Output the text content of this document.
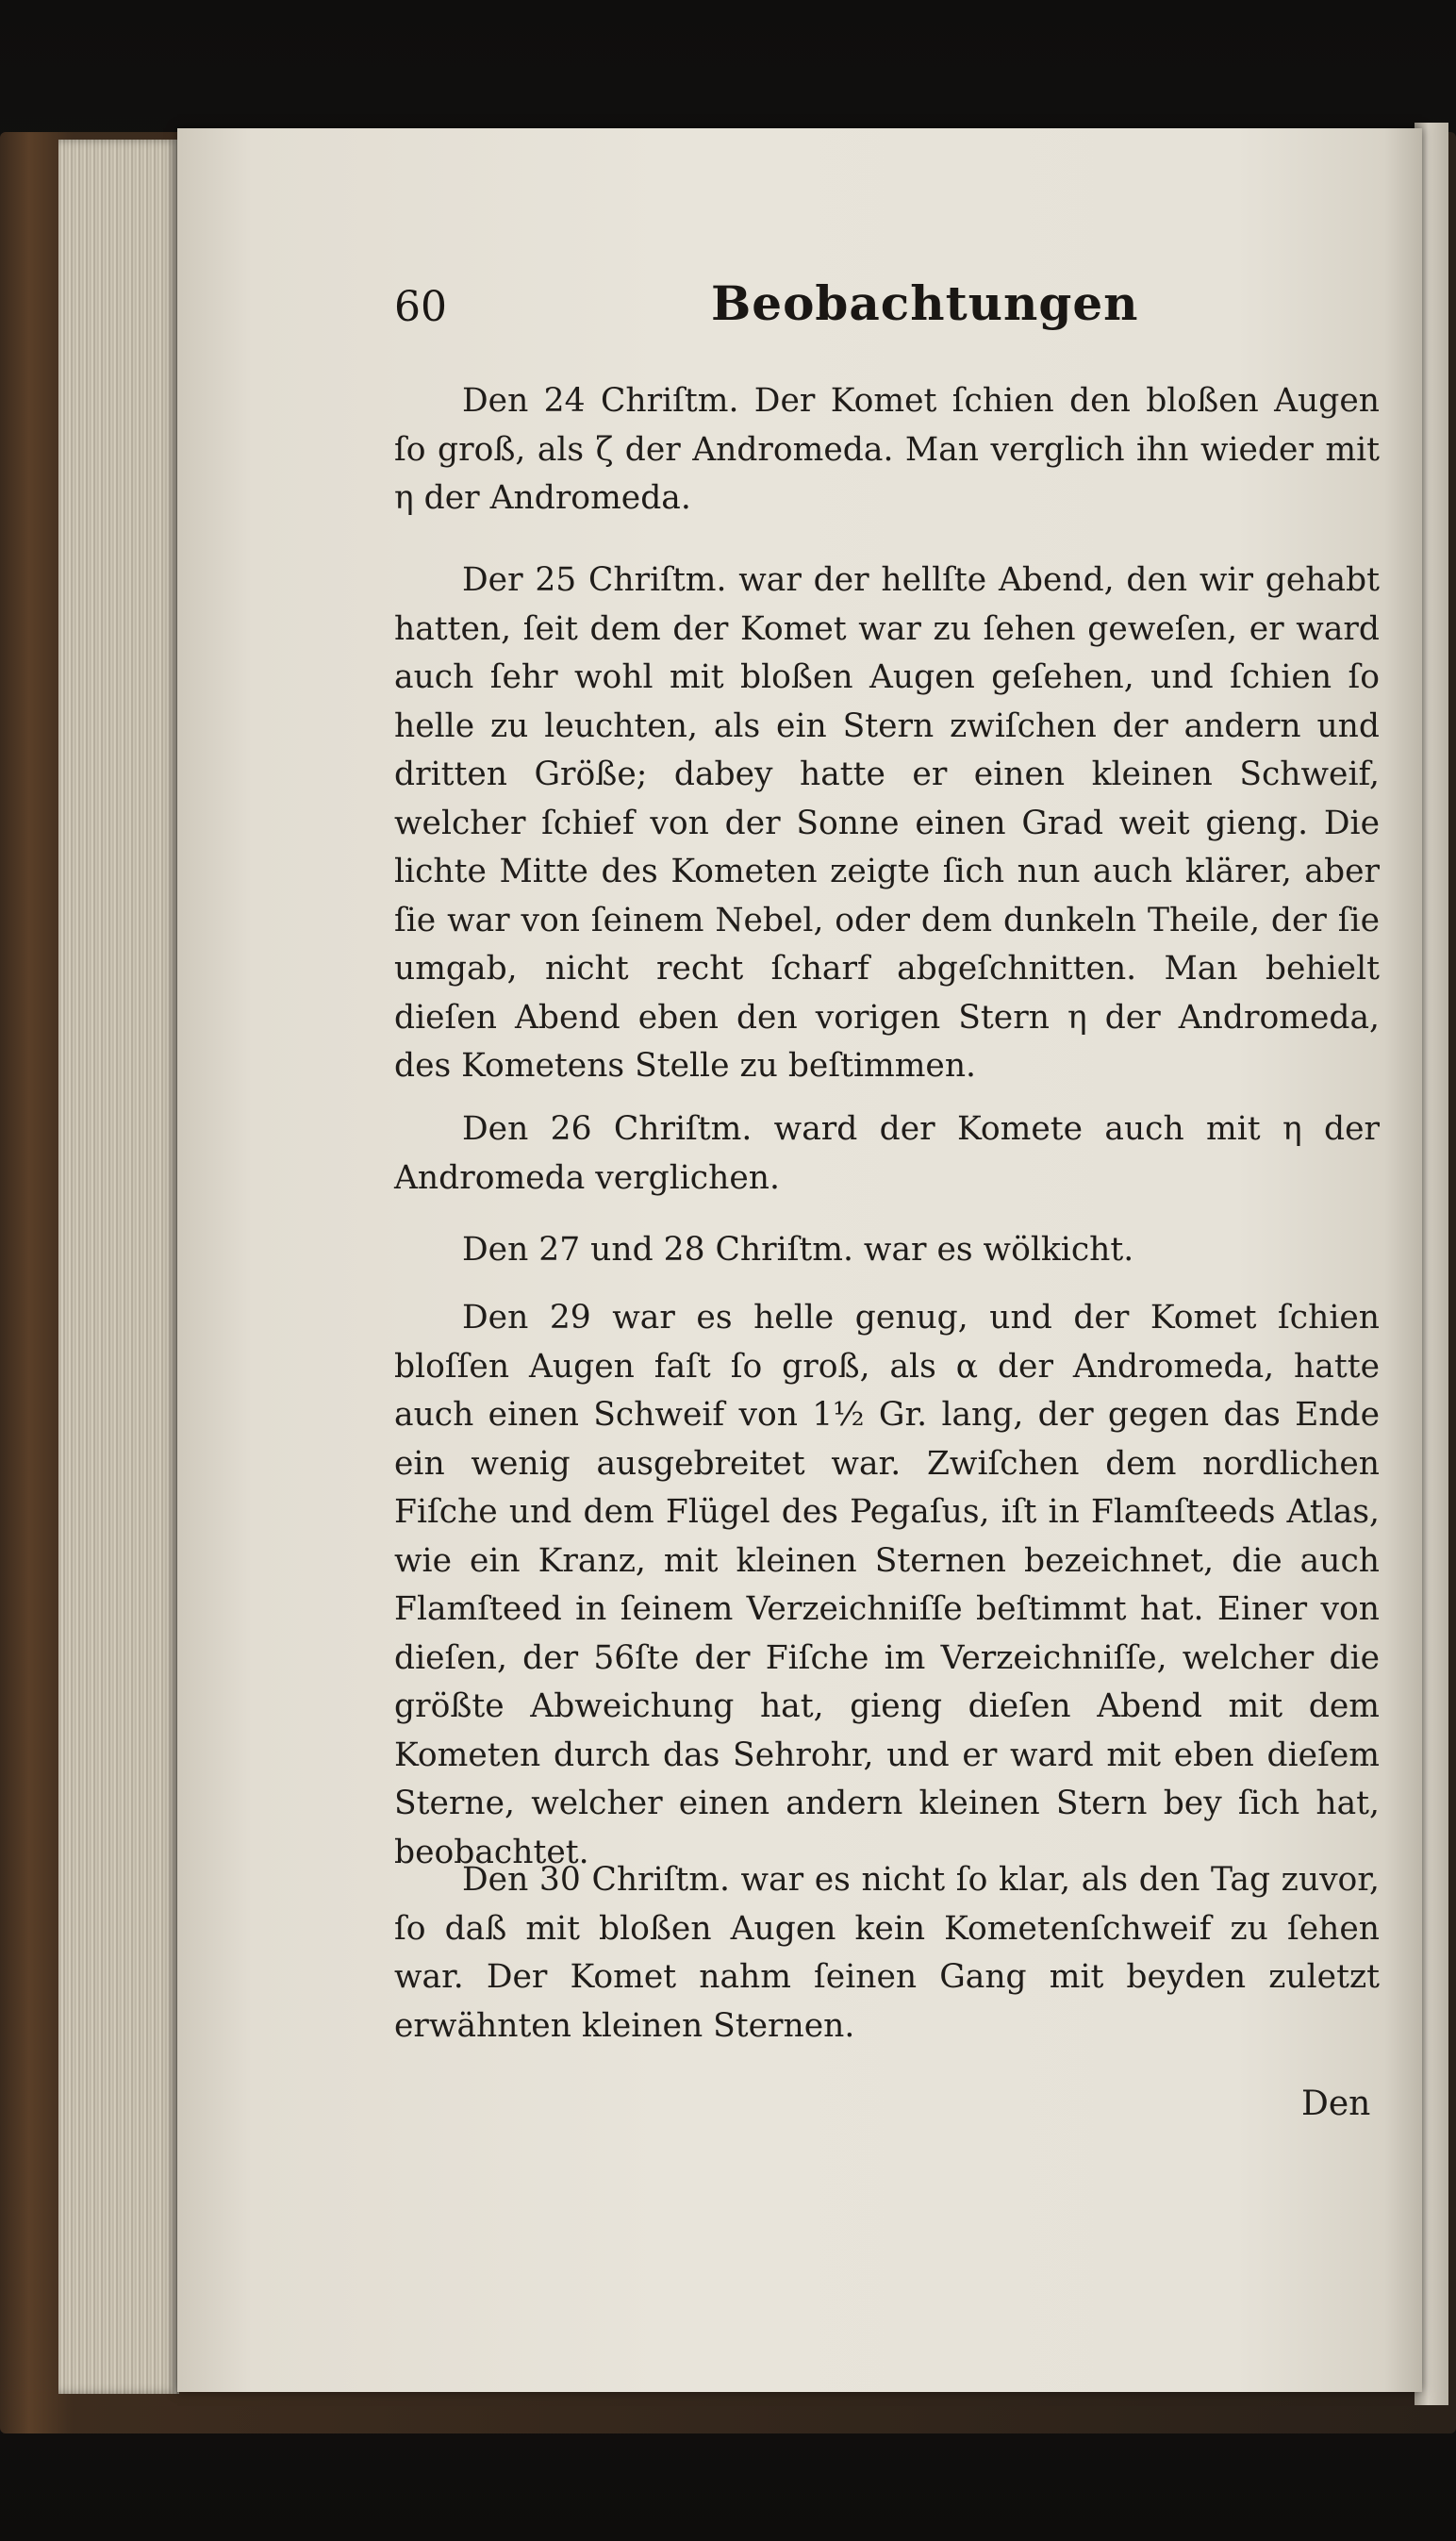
60	Beobachtungen

Den 24 Chriſtm. Der Komet ſchien den bloßen Augen ſo groß, als ζ der Andromeda. Man verglich ihn wieder mit η der Andromeda.

Der 25 Chriſtm. war der hellſte Abend, den wir gehabt hatten, ſeit dem der Komet war zu ſehen geweſen, er ward auch ſehr wohl mit bloßen Augen geſehen, und ſchien ſo helle zu leuchten, als ein Stern zwiſchen der andern und dritten Größe; dabey hatte er einen kleinen Schweif, welcher ſchief von der Sonne einen Grad weit gieng. Die lichte Mitte des Kometen zeigte ſich nun auch klärer, aber ſie war von ſeinem Nebel, oder dem dunkeln Theile, der ſie umgab, nicht recht ſcharf abgeſchnitten. Man behielt dieſen Abend eben den vorigen Stern η der Andromeda, des Kometens Stelle zu beſtimmen.

Den 26 Chriſtm. ward der Komete auch mit η der Andromeda verglichen.

Den 27 und 28 Chriſtm. war es wölkicht.

Den 29 war es helle genug, und der Komet ſchien bloſſen Augen faſt ſo groß, als α der Andromeda, hatte auch einen Schweif von 1½ Gr. lang, der gegen das Ende ein wenig ausgebreitet war. Zwiſchen dem nordlichen Fiſche und dem Flügel des Pegaſus, iſt in Flamſteeds Atlas, wie ein Kranz, mit kleinen Sternen bezeichnet, die auch Flamſteed in ſeinem Verzeichniſſe beſtimmt hat. Einer von dieſen, der 56ſte der Fiſche im Verzeichniſſe, welcher die größte Abweichung hat, gieng dieſen Abend mit dem Kometen durch das Sehrohr, und er ward mit eben dieſem Sterne, welcher einen andern kleinen Stern bey ſich hat, beobachtet.

Den 30 Chriſtm. war es nicht ſo klar, als den Tag zuvor, ſo daß mit bloßen Augen kein Kometenſchweif zu ſehen war. Der Komet nahm ſeinen Gang mit beyden zuletzt erwähnten kleinen Sternen.

Den
